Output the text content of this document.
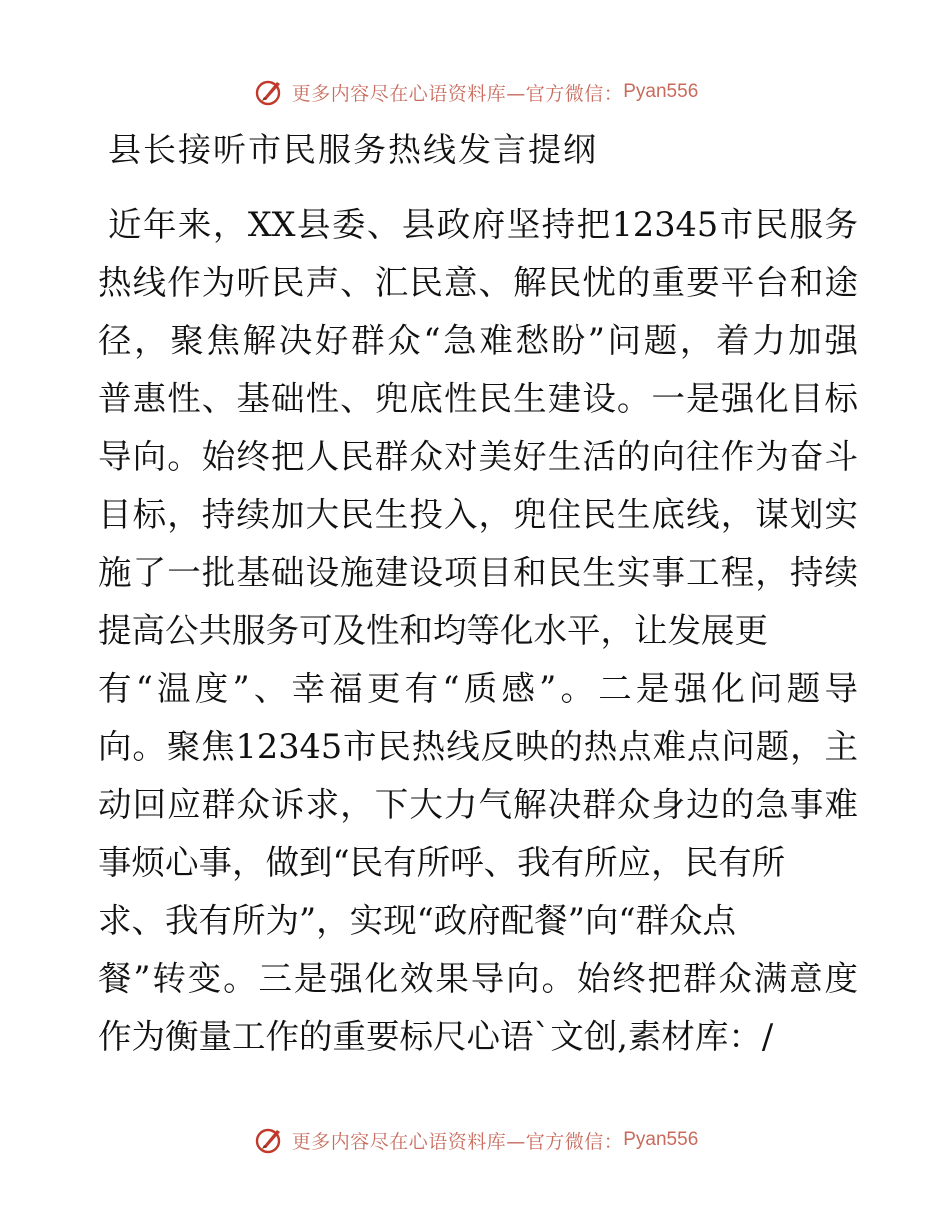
更多内容尽在心语资料库—官方微信： Pyan556
县长接听市民服务热线发言提纲
近年来，XX县委、县政府坚持把12345市民服务
热线作为听民声、汇民意、解民忧的重要平台和途
径，聚焦解决好群众“急难愁盼”问题，着力加强
普惠性、基础性、兜底性民生建设。一是强化目标
导向。始终把人民群众对美好生活的向往作为奋斗
目标，持续加大民生投入，兜住民生底线，谋划实
施了一批基础设施建设项目和民生实事工程，持续
提高公共服务可及性和均等化水平，让发展更
有“温度”、幸福更有“质感”。二是强化问题导
向。聚焦12345市民热线反映的热点难点问题，主
动回应群众诉求，下大力气解决群众身边的急事难
事烦心事，做到“民有所呼、我有所应，民有所
求、我有所为”，实现“政府配餐”向“群众点
餐”转变。三是强化效果导向。始终把群众满意度
作为衡量工作的重要标尺心语`文创,素材库：/
更多内容尽在心语资料库—官方微信： Pyan556
